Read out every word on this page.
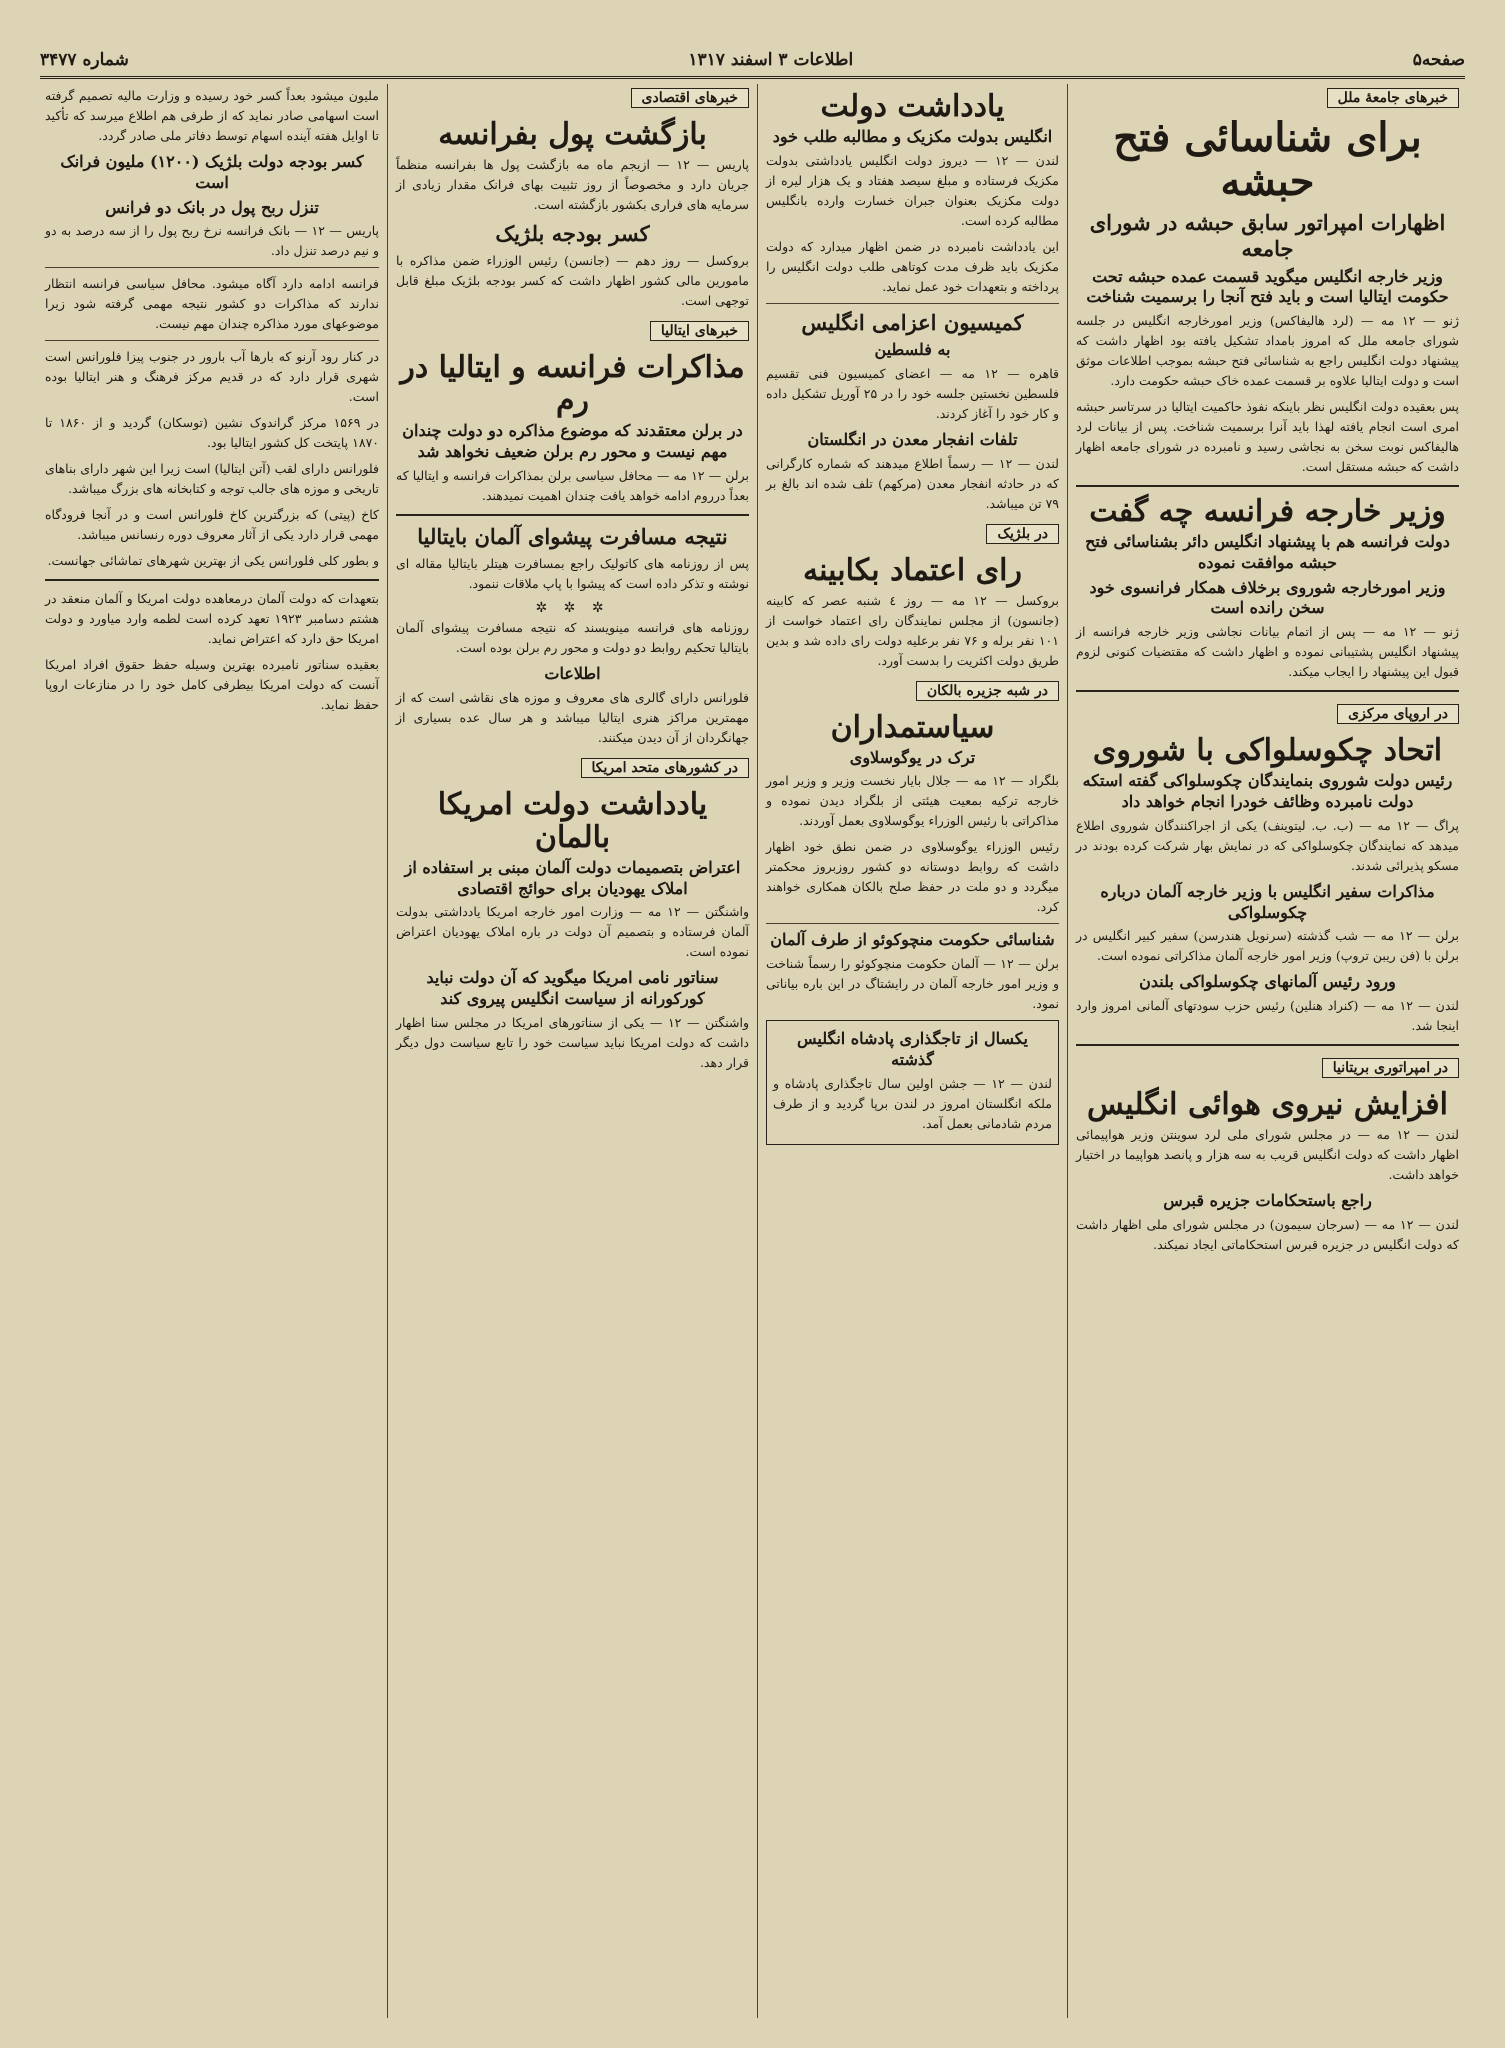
صفحه۵
اطلاعات ۳ اسفند ۱۳۱۷
شماره ۳۴۷۷
خبرهای جامعهٔ ملل
برای شناسائی فتح حبشه
اظهارات امپراتور سابق حبشه در شورای جامعه
وزیر خارجه انگلیس میگوید قسمت عمده حبشه تحت حکومت ایتالیا است و باید فتح آنجا را برسمیت شناخت
ژنو — ۱۲ مه — (لرد هالیفاکس) وزیر امورخارجه انگلیس در جلسه شورای جامعه ملل که امروز بامداد تشکیل یافته بود اظهار داشت که پیشنهاد دولت انگلیس راجع به شناسائی فتح حبشه بموجب اطلاعات موثق است و دولت ایتالیا علاوه بر قسمت عمده خاک حبشه حکومت دارد.
پس بعقیده دولت انگلیس نظر باینکه نفوذ حاکمیت ایتالیا در سرتاسر حبشه امری است انجام یافته لهذا باید آنرا برسمیت شناخت. پس از بیانات لرد هالیفاکس نوبت سخن به نجاشی رسید و نامبرده در شورای جامعه اظهار داشت که حبشه مستقل است.
وزیر خارجه فرانسه چه گفت
دولت فرانسه هم با پیشنهاد انگلیس دائر بشناسائی فتح حبشه موافقت نموده
وزیر امورخارجه شوروی برخلاف همکار فرانسوی خود سخن رانده است
ژنو — ۱۲ مه — پس از اتمام بیانات نجاشی وزیر خارجه فرانسه از پیشنهاد انگلیس پشتیبانی نموده و اظهار داشت که مقتضیات کنونی لزوم قبول این پیشنهاد را ایجاب میکند.
در اروپای مرکزی
اتحاد چکوسلواکی با شوروی
رئیس دولت شوروی بنمایندگان چکوسلواکی گفته استکه دولت نامبرده وظائف خودرا انجام خواهد داد
پراگ — ۱۲ مه — (ب. ب. لیتوینف) یکی از اجراکنندگان شوروی اطلاع میدهد که نمایندگان چکوسلواکی که در نمایش بهار شرکت کرده بودند در مسکو پذیرائی شدند.
مذاکرات سفیر انگلیس با وزیر خارجه آلمان درباره چکوسلواکی
برلن — ۱۲ مه — شب گذشته (سرنویل هندرسن) سفیر کبیر انگلیس در برلن با (فن ریبن تروپ) وزیر امور خارجه آلمان مذاکراتی نموده است.
ورود رئیس آلمانهای چکوسلواکی بلندن
لندن — ۱۲ مه — (کنراد هنلین) رئیس حزب سودتهای آلمانی امروز وارد اینجا شد.
در امپراتوری بریتانیا
افزایش نیروی هوائی انگلیس
لندن — ۱۲ مه — در مجلس شورای ملی لرد سوینتن وزیر هواپیمائی اظهار داشت که دولت انگلیس قریب به سه هزار و پانصد هواپیما در اختیار خواهد داشت.
راجع باستحکامات جزیره قبرس
لندن — ۱۲ مه — (سرجان سیمون) در مجلس شورای ملی اظهار داشت که دولت انگلیس در جزیره قبرس استحکاماتی ایجاد نمیکند.
یادداشت دولت
انگلیس بدولت مکزیک و مطالبه طلب خود
لندن — ۱۲ — دیروز دولت انگلیس یادداشتی بدولت مکزیک فرستاده و مبلغ سیصد هفتاد و یک هزار لیره از دولت مکزیک بعنوان جبران خسارت وارده بانگلیس مطالبه کرده است.
این یادداشت نامبرده در ضمن اظهار میدارد که دولت مکزیک باید ظرف مدت کوتاهی طلب دولت انگلیس را پرداخته و بتعهدات خود عمل نماید.
کمیسیون اعزامی انگلیس
به فلسطین
قاهره — ۱۲ مه — اعضای کمیسیون فنی تقسیم فلسطین نخستین جلسه خود را در ۲۵ آوریل تشکیل داده و کار خود را آغاز کردند.
تلفات انفجار معدن در انگلستان
لندن — ۱۲ — رسماً اطلاع میدهند که شماره کارگرانی که در حادثه انفجار معدن (مرکهم) تلف شده اند بالغ بر ۷۹ تن میباشد.
در بلژیک
رای اعتماد بکابینه
بروکسل — ۱۲ مه — روز ٤ شنبه عصر که کابینه (جانسون) از مجلس نمایندگان رای اعتماد خواست از ۱۰۱ نفر برله و ۷۶ نفر برعلیه دولت رای داده شد و بدین طریق دولت اکثریت را بدست آورد.
در شبه جزیره بالکان
سیاستمداران
ترک در یوگوسلاوی
بلگراد — ۱۲ مه — جلال بایار نخست وزیر و وزیر امور خارجه ترکیه بمعیت هیئتی از بلگراد دیدن نموده و مذاکراتی با رئیس الوزراء یوگوسلاوی بعمل آوردند.
رئیس الوزراء یوگوسلاوی در ضمن نطق خود اظهار داشت که روابط دوستانه دو کشور روزبروز محکمتر میگردد و دو ملت در حفظ صلح بالکان همکاری خواهند کرد.
شناسائی حکومت منچوکوئو از طرف آلمان
برلن — ۱۲ — آلمان حکومت منچوکوئو را رسماً شناخت و وزیر امور خارجه آلمان در رایشتاگ در این باره بیاناتی نمود.
یکسال از تاجگذاری پادشاه انگلیس گذشته
لندن — ۱۲ — جشن اولین سال تاجگذاری پادشاه و ملکه انگلستان امروز در لندن برپا گردید و از طرف مردم شادمانی بعمل آمد.
خبرهای اقتصادی
بازگشت پول بفرانسه
پاریس — ۱۲ — ازیجم ماه مه بازگشت پول ها بفرانسه منظماً جریان دارد و مخصوصاً از روز تثبیت بهای فرانک مقدار زیادی از سرمایه های فراری بکشور بازگشته است.
کسر بودجه بلژیک
بروکسل — روز دهم — (جانسن) رئیس الوزراء ضمن مذاکره با مامورین مالی کشور اظهار داشت که کسر بودجه بلژیک مبلغ قابل توجهی است.
خبرهای ایتالیا
مذاکرات فرانسه و ایتالیا در رم
در برلن معتقدند که موضوع مذاکره دو دولت چندان مهم نیست و محور رم برلن ضعیف نخواهد شد
برلن — ۱۲ مه — محافل سیاسی برلن بمذاکرات فرانسه و ایتالیا که بعداً درروم ادامه خواهد یافت چندان اهمیت نمیدهند.
نتیجه مسافرت پیشوای آلمان بایتالیا
پس از روزنامه های کاتولیک راجع بمسافرت هیتلر بایتالیا مقاله ای نوشته و تذکر داده است که پیشوا با پاپ ملاقات ننمود.
✲ ✲ ✲
روزنامه های فرانسه مینویسند که نتیجه مسافرت پیشوای آلمان بایتالیا تحکیم روابط دو دولت و محور رم برلن بوده است.
اطلاعات
فلورانس دارای گالری های معروف و موزه های نقاشی است که از مهمترین مراکز هنری ایتالیا میباشد و هر سال عده بسیاری از جهانگردان از آن دیدن میکنند.
در کشورهای متحد امریکا
یادداشت دولت امریکا بالمان
اعتراض بتصمیمات دولت آلمان مبنی بر استفاده از املاک یهودیان برای حوائج اقتصادی
واشنگتن — ۱۲ مه — وزارت امور خارجه امریکا یادداشتی بدولت آلمان فرستاده و بتصمیم آن دولت در باره املاک یهودیان اعتراض نموده است.
سناتور نامی امریکا میگوید که آن دولت نباید کورکورانه از سیاست انگلیس پیروی کند
واشنگتن — ۱۲ — یکی از سناتورهای امریکا در مجلس سنا اظهار داشت که دولت امریکا نباید سیاست خود را تابع سیاست دول دیگر قرار دهد.
ملیون میشود بعداً کسر خود رسیده و وزارت مالیه تصمیم گرفته است اسهامی صادر نماید که از طرفی هم اطلاع میرسد که تأکید تا اوایل هفته آینده اسهام توسط دفاتر ملی صادر گردد.
کسر بودجه دولت بلژیک (۱۲۰۰) ملیون فرانک است
تنزل ربح پول در بانک دو فرانس
پاریس — ۱۲ — بانک فرانسه نرخ ربح پول را از سه درصد به دو و نیم درصد تنزل داد.
فرانسه ادامه دارد آگاه میشود. محافل سیاسی فرانسه انتظار ندارند که مذاکرات دو کشور نتیجه مهمی گرفته شود زیرا موضوعهای مورد مذاکره چندان مهم نیست.
در کنار رود آرنو که بارها آب بارور در جنوب پیزا فلورانس است شهری قرار دارد که در قدیم مرکز فرهنگ و هنر ایتالیا بوده است.
در ۱۵۶۹ مرکز گراندوک نشین (توسکان) گردید و از ۱۸۶۰ تا ۱۸۷۰ پایتخت کل کشور ایتالیا بود.
فلورانس دارای لقب (آتن ایتالیا) است زیرا این شهر دارای بناهای تاریخی و موزه های جالب توجه و کتابخانه های بزرگ میباشد.
کاخ (پیتی) که بزرگترین کاخ فلورانس است و در آنجا فرودگاه مهمی قرار دارد یکی از آثار معروف دوره رنسانس میباشد.
و بطور کلی فلورانس یکی از بهترین شهرهای تماشائی جهانست.
بتعهدات که دولت آلمان درمعاهده دولت امریکا و آلمان منعقد در هشتم دسامبر ۱۹۲۳ تعهد کرده است لطمه وارد میاورد و دولت امریکا حق دارد که اعتراض نماید.
بعقیده سناتور نامبرده بهترین وسیله حفظ حقوق افراد امریکا آنست که دولت امریکا بیطرفی کامل خود را در منازعات اروپا حفظ نماید.
